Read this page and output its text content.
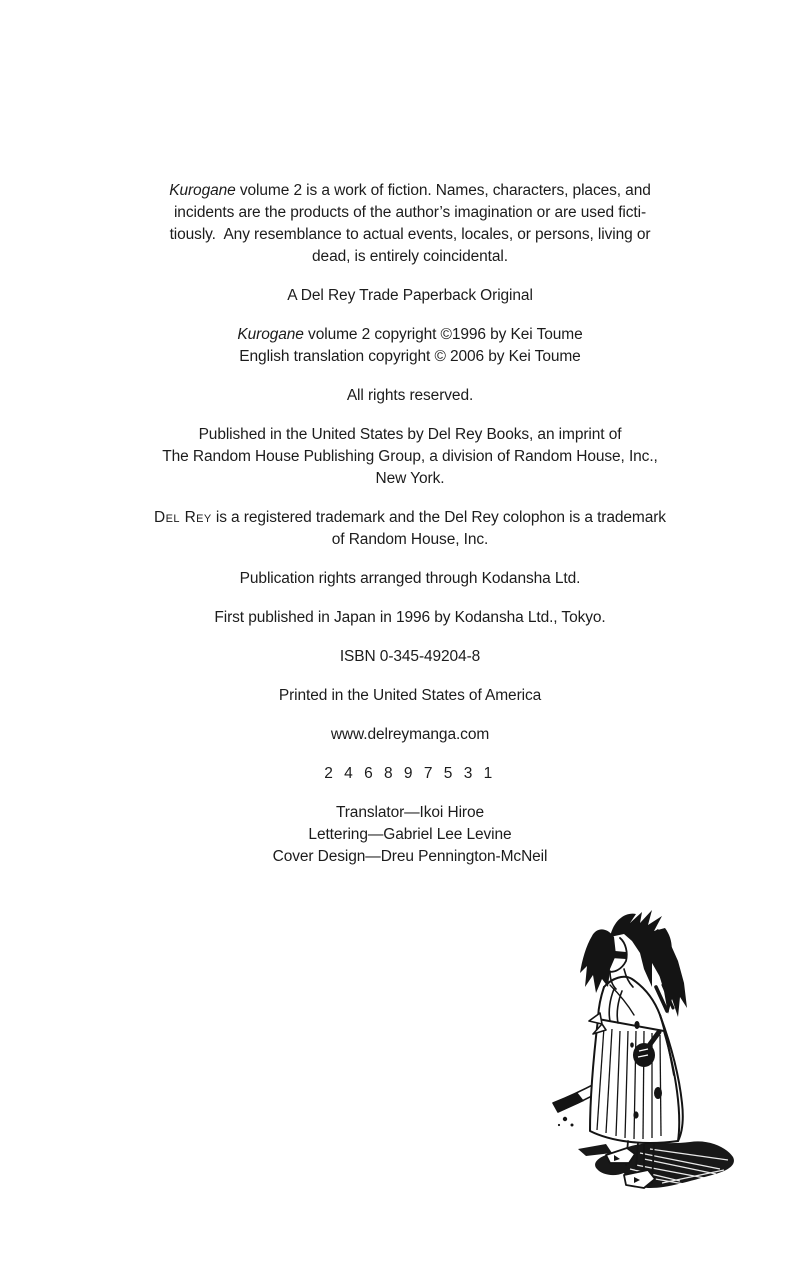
Kurogane volume 2 is a work of fiction. Names, characters, places, and
incidents are the products of the author’s imagination or are used ficti-
tiously.  Any resemblance to actual events, locales, or persons, living or
dead, is entirely coincidental.

A Del Rey Trade Paperback Original

Kurogane volume 2 copyright ©1996 by Kei Toume
English translation copyright © 2006 by Kei Toume

All rights reserved.

Published in the United States by Del Rey Books, an imprint of
The Random House Publishing Group, a division of Random House, Inc.,
New York.

Del Rey is a registered trademark and the Del Rey colophon is a trademark
of Random House, Inc.

Publication rights arranged through Kodansha Ltd.

First published in Japan in 1996 by Kodansha Ltd., Tokyo.

ISBN 0-345-49204-8

Printed in the United States of America

www.delreymanga.com

2 4 6 8 9 7 5 3 1

Translator—Ikoi Hiroe
Lettering—Gabriel Lee Levine
Cover Design—Dreu Pennington-McNeil
